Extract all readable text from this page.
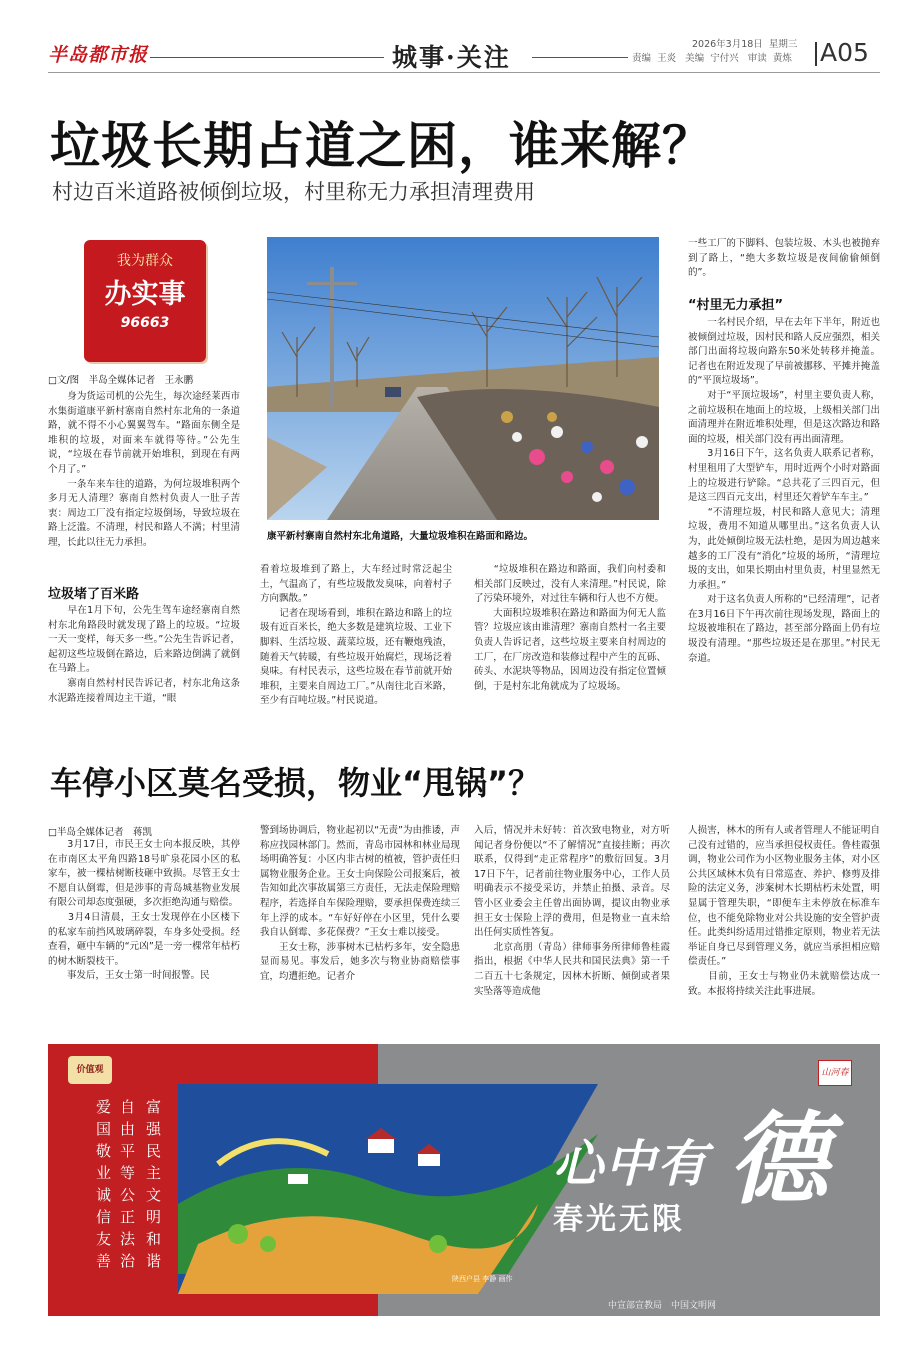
半岛都市报	城事·关注	2026年3月18日 星期三
责编 王炎 美编 宁付兴 审读 黄炼 A05
垃圾长期占道之困，谁来解？
村边百米道路被倾倒垃圾，村里称无力承担清理费用
我为群众
办实事
96663
□文/图　半岛全媒体记者　王永鹏
　　身为货运司机的公先生，每次途经莱西市水集街道康平新村寨南自然村东北角的一条道路，就不得不小心翼翼驾车。“路面东侧全是堆积的垃圾，对面来车就得等待。”公先生说，“垃圾在春节前就开始堆积，到现在有两个月了。”
　　一条车来车往的道路，为何垃圾堆积两个多月无人清理？寨南自然村负责人一肚子苦衷：周边工厂没有指定垃圾倒场，导致垃圾在路上泛滥。不清理，村民和路人不满；村里清理，长此以往无力承担。
垃圾堵了百米路
　　早在1月下旬，公先生驾车途经寨南自然村东北角路段时就发现了路上的垃圾。“垃圾一天一变样，每天多一些。”公先生告诉记者，起初这些垃圾倒在路边，后来路边倒满了就倒在马路上。
　　寨南自然村村民告诉记者，村东北角这条水泥路连接着周边主干道，“眼
康平新村寨南自然村东北角道路，大量垃圾堆积在路面和路边。
看着垃圾堆到了路上，大车经过时常泛起尘土，气温高了，有些垃圾散发臭味，向着村子方向飘散。”
　　记者在现场看到，堆积在路边和路上的垃圾有近百米长，绝大多数是建筑垃圾、工业下脚料、生活垃圾、蔬菜垃圾，还有鞭炮残渣，随着天气转暖，有些垃圾开始腐烂，现场泛着臭味。有村民表示，这些垃圾在春节前就开始堆积，主要来自周边工厂。”从南往北百米路，至少有百吨垃圾。”村民说道。
　　“垃圾堆积在路边和路面，我们向村委和相关部门反映过，没有人来清理。”村民说，除了污染环境外，对过往车辆和行人也不方便。
　　大面积垃圾堆积在路边和路面为何无人监管？垃圾应该由谁清理？寨南自然村一名主要负责人告诉记者，这些垃圾主要来自村周边的工厂，在厂房改造和装修过程中产生的瓦砾、砖头、水泥块等物品，因周边没有指定位置倾倒，于是村东北角就成为了垃圾场。
一些工厂的下脚料、包装垃圾、木头也被抛弃到了路上，“绝大多数垃圾是夜间偷偷倾倒的”。
“村里无力承担”
　　一名村民介绍，早在去年下半年，附近也被倾倒过垃圾，因村民和路人反应强烈，相关部门出面将垃圾向路东50米处转移并掩盖。记者也在附近发现了早前被挪移、平摊并掩盖的“平顶垃圾场”。
　　对于“平顶垃圾场”，村里主要负责人称，之前垃圾积在地面上的垃圾，上级相关部门出面清理并在附近堆积处理，但是这次路边和路面的垃圾，相关部门没有再出面清理。
　　3月16日下午，这名负责人联系记者称，村里租用了大型铲车，用时近两个小时对路面上的垃圾进行铲除。“总共花了三四百元，但是这三四百元支出，村里还欠着铲车车主。”
　　“不清理垃圾，村民和路人意见大；清理垃圾，费用不知道从哪里出。”这名负责人认为，此处倾倒垃圾无法杜绝，是因为周边越来越多的工厂没有“消化”垃圾的场所，“清理垃圾的支出，如果长期由村里负责，村里显然无力承担。”
　　对于这名负责人所称的“已经清理”，记者在3月16日下午再次前往现场发现，路面上的垃圾被堆积在了路边，甚至部分路面上仍有垃圾没有清理。“那些垃圾还是在那里。”村民无奈道。
车停小区莫名受损，物业“甩锅”？
□半岛全媒体记者　蒋凯
　　3月17日，市民王女士向本报反映，其停在市南区太平角四路18号旷泉花园小区的私家车，被一棵枯树断枝砸中致损。尽管王女士不愿自认倒霉，但是涉事的青岛城基物业发展有限公司却态度强硬，多次拒绝沟通与赔偿。
　　3月4日清晨，王女士发现停在小区楼下的私家车前挡风玻璃碎裂，车身多处受损。经查看，砸中车辆的“元凶”是一旁一棵常年枯朽的树木断裂枝干。
　　事发后，王女士第一时间报警。民
警到场协调后，物业起初以“无责”为由推诿，声称应找园林部门。然而，青岛市园林和林业局现场明确答复：小区内非古树的植被，管护责任归属物业服务企业。王女士向保险公司报案后，被告知如此次事故属第三方责任，无法走保险理赔程序，若选择自车保险理赔，要承担保费连续三年上浮的成本。“车好好停在小区里，凭什么要我自认倒霉、多花保费？”王女士难以接受。
　　王女士称，涉事树木已枯朽多年，安全隐患显而易见。事发后，她多次与物业协商赔偿事宜，均遭拒绝。记者介
入后，情况并未好转：首次致电物业，对方听闻记者身份便以“不了解情况”直接挂断；再次联系，仅得到“走正常程序”的敷衍回复。3月17日下午，记者前往物业服务中心，工作人员明确表示不接受采访，并禁止拍摄、录音。尽管小区业委会主任曾出面协调，提议由物业承担王女士保险上浮的费用，但是物业一直未给出任何实质性答复。
　　北京高朋（青岛）律师事务所律师鲁桂霞指出，根据《中华人民共和国民法典》第一千二百五十七条规定，因林木折断、倾倒或者果实坠落等造成他
人损害，林木的所有人或者管理人不能证明自己没有过错的，应当承担侵权责任。鲁桂霞强调，物业公司作为小区物业服务主体，对小区公共区域林木负有日常巡查、养护、修剪及排险的法定义务，涉案树木长期枯朽未处置，明显属于管理失职，“即便车主未停放在标准车位，也不能免除物业对公共设施的安全管护责任。此类纠纷适用过错推定原则，物业若无法举证自身已尽到管理义务，就应当承担相应赔偿责任。”
　　目前，王女士与物业仍未就赔偿达成一致。本报将持续关注此事进展。
价值观
爱
国
敬
业
诚
信
友
善
自
由
平
等
公
正
法
治
富
强
民
主
文
明
和
谐
陕西户县 李静 画作
心中有 德
春光无限
山河春
中宣部宣教局　中国文明网
